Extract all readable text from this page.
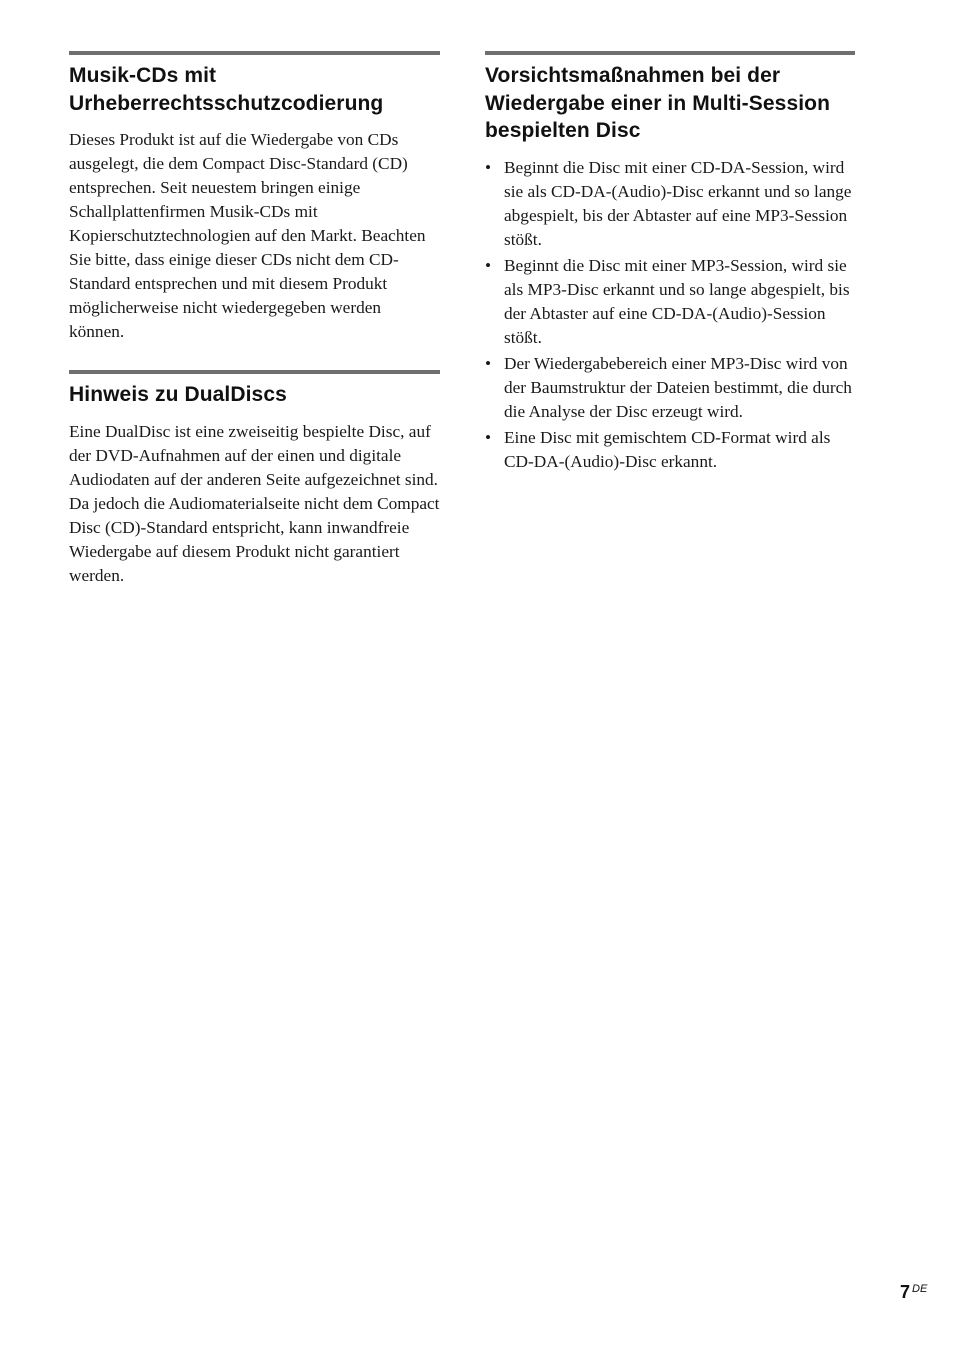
Musik-CDs mit Urheberrechtsschutzcodierung

Dieses Produkt ist auf die Wiedergabe von CDs ausgelegt, die dem Compact Disc-Standard (CD) entsprechen. Seit neuestem bringen einige Schallplattenfirmen Musik-CDs mit Kopierschutztechnologien auf den Markt. Beachten Sie bitte, dass einige dieser CDs nicht dem CD-Standard entsprechen und mit diesem Produkt möglicherweise nicht wiedergegeben werden können.

Hinweis zu DualDiscs

Eine DualDisc ist eine zweiseitig bespielte Disc, auf der DVD-Aufnahmen auf der einen und digitale Audiodaten auf der anderen Seite aufgezeichnet sind.

Da jedoch die Audiomaterialseite nicht dem Compact Disc (CD)-Standard entspricht, kann inwandfreie Wiedergabe auf diesem Produkt nicht garantiert werden.

Vorsichtsmaßnahmen bei der Wiedergabe einer in Multi-Session bespielten Disc
• Beginnt die Disc mit einer CD-DA-Session, wird sie als CD-DA-(Audio)-Disc erkannt und so lange abgespielt, bis der Abtaster auf eine MP3-Session stößt.
• Beginnt die Disc mit einer MP3-Session, wird sie als MP3-Disc erkannt und so lange abgespielt, bis der Abtaster auf eine CD-DA-(Audio)-Session stößt.
• Der Wiedergabebereich einer MP3-Disc wird von der Baumstruktur der Dateien bestimmt, die durch die Analyse der Disc erzeugt wird.
• Eine Disc mit gemischtem CD-Format wird als CD-DA-(Audio)-Disc erkannt.
7 $^{DE}$
